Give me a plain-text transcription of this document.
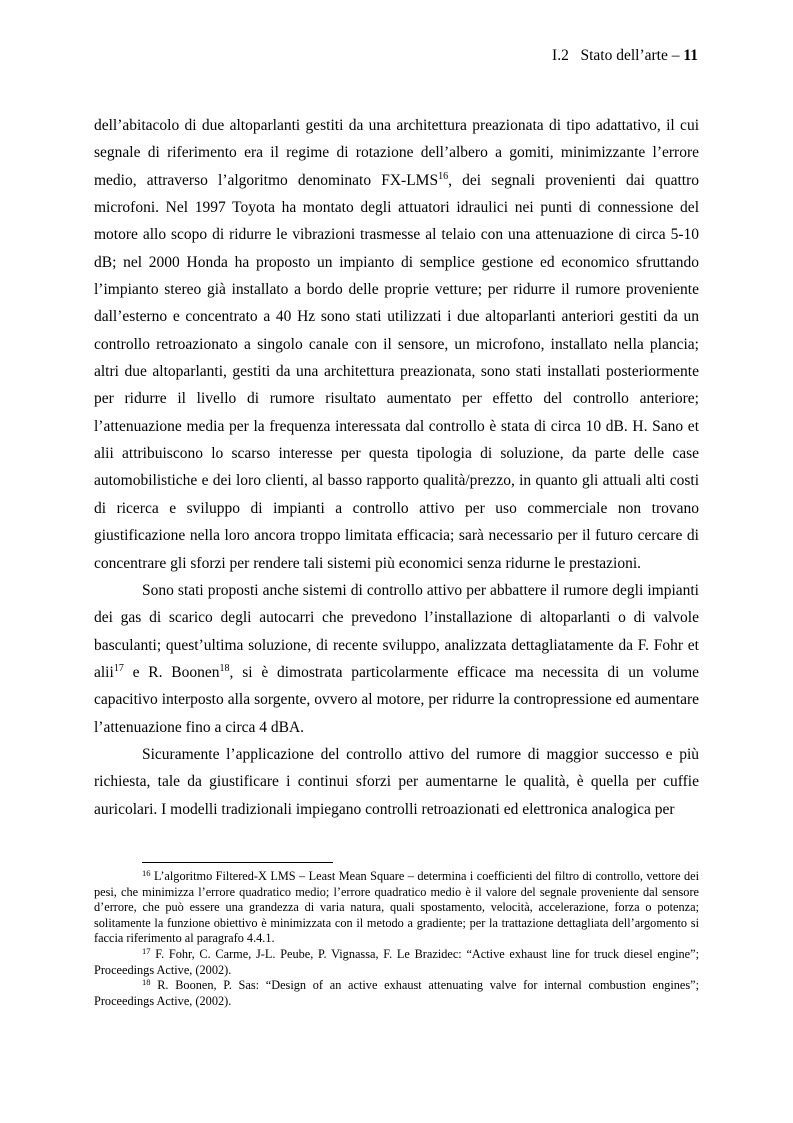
I.2 Stato dell’arte – 11

dell’abitacolo di due altoparlanti gestiti da una architettura preazionata di tipo adattativo, il cui segnale di riferimento era il regime di rotazione dell’albero a gomiti, minimizzante l’errore medio, attraverso l’algoritmo denominato FX-LMS$^{16}$, dei segnali provenienti dai quattro microfoni. Nel 1997 Toyota ha montato degli attuatori idraulici nei punti di connessione del motore allo scopo di ridurre le vibrazioni trasmesse al telaio con una attenuazione di circa 5-10 dB; nel 2000 Honda ha proposto un impianto di semplice gestione ed economico sfruttando l’impianto stereo già installato a bordo delle proprie vetture; per ridurre il rumore proveniente dall’esterno e concentrato a 40 Hz sono stati utilizzati i due altoparlanti anteriori gestiti da un controllo retroazionato a singolo canale con il sensore, un microfono, installato nella plancia; altri due altoparlanti, gestiti da una architettura preazionata, sono stati installati posteriormente per ridurre il livello di rumore risultato aumentato per effetto del controllo anteriore; l’attenuazione media per la frequenza interessata dal controllo è stata di circa 10 dB. H. Sano et alii attribuiscono lo scarso interesse per questa tipologia di soluzione, da parte delle case automobilistiche e dei loro clienti, al basso rapporto qualità/prezzo, in quanto gli attuali alti costi di ricerca e sviluppo di impianti a controllo attivo per uso commerciale non trovano giustificazione nella loro ancora troppo limitata efficacia; sarà necessario per il futuro cercare di concentrare gli sforzi per rendere tali sistemi più economici senza ridurne le prestazioni.

Sono stati proposti anche sistemi di controllo attivo per abbattere il rumore degli impianti dei gas di scarico degli autocarri che prevedono l’installazione di altoparlanti o di valvole basculanti; quest’ultima soluzione, di recente sviluppo, analizzata dettagliatamente da F. Fohr et alii$^{17}$ e R. Boonen$^{18}$, si è dimostrata particolarmente efficace ma necessita di un volume capacitivo interposto alla sorgente, ovvero al motore, per ridurre la contropressione ed aumentare l’attenuazione fino a circa 4 dBA.

Sicuramente l’applicazione del controllo attivo del rumore di maggior successo e più richiesta, tale da giustificare i continui sforzi per aumentarne le qualità, è quella per cuffie auricolari. I modelli tradizionali impiegano controlli retroazionati ed elettronica analogica per

$^{16}$ L’algoritmo Filtered-X LMS – Least Mean Square – determina i coefficienti del filtro di controllo, vettore dei pesi, che minimizza l’errore quadratico medio; l’errore quadratico medio è il valore del segnale proveniente dal sensore d’errore, che può essere una grandezza di varia natura, quali spostamento, velocità, accelerazione, forza o potenza; solitamente la funzione obiettivo è minimizzata con il metodo a gradiente; per la trattazione dettagliata dell’argomento si faccia riferimento al paragrafo 4.4.1.

$^{17}$ F. Fohr, C. Carme, J-L. Peube, P. Vignassa, F. Le Brazidec: “Active exhaust line for truck diesel engine”; Proceedings Active, (2002).

$^{18}$ R. Boonen, P. Sas: “Design of an active exhaust attenuating valve for internal combustion engines”; Proceedings Active, (2002).
